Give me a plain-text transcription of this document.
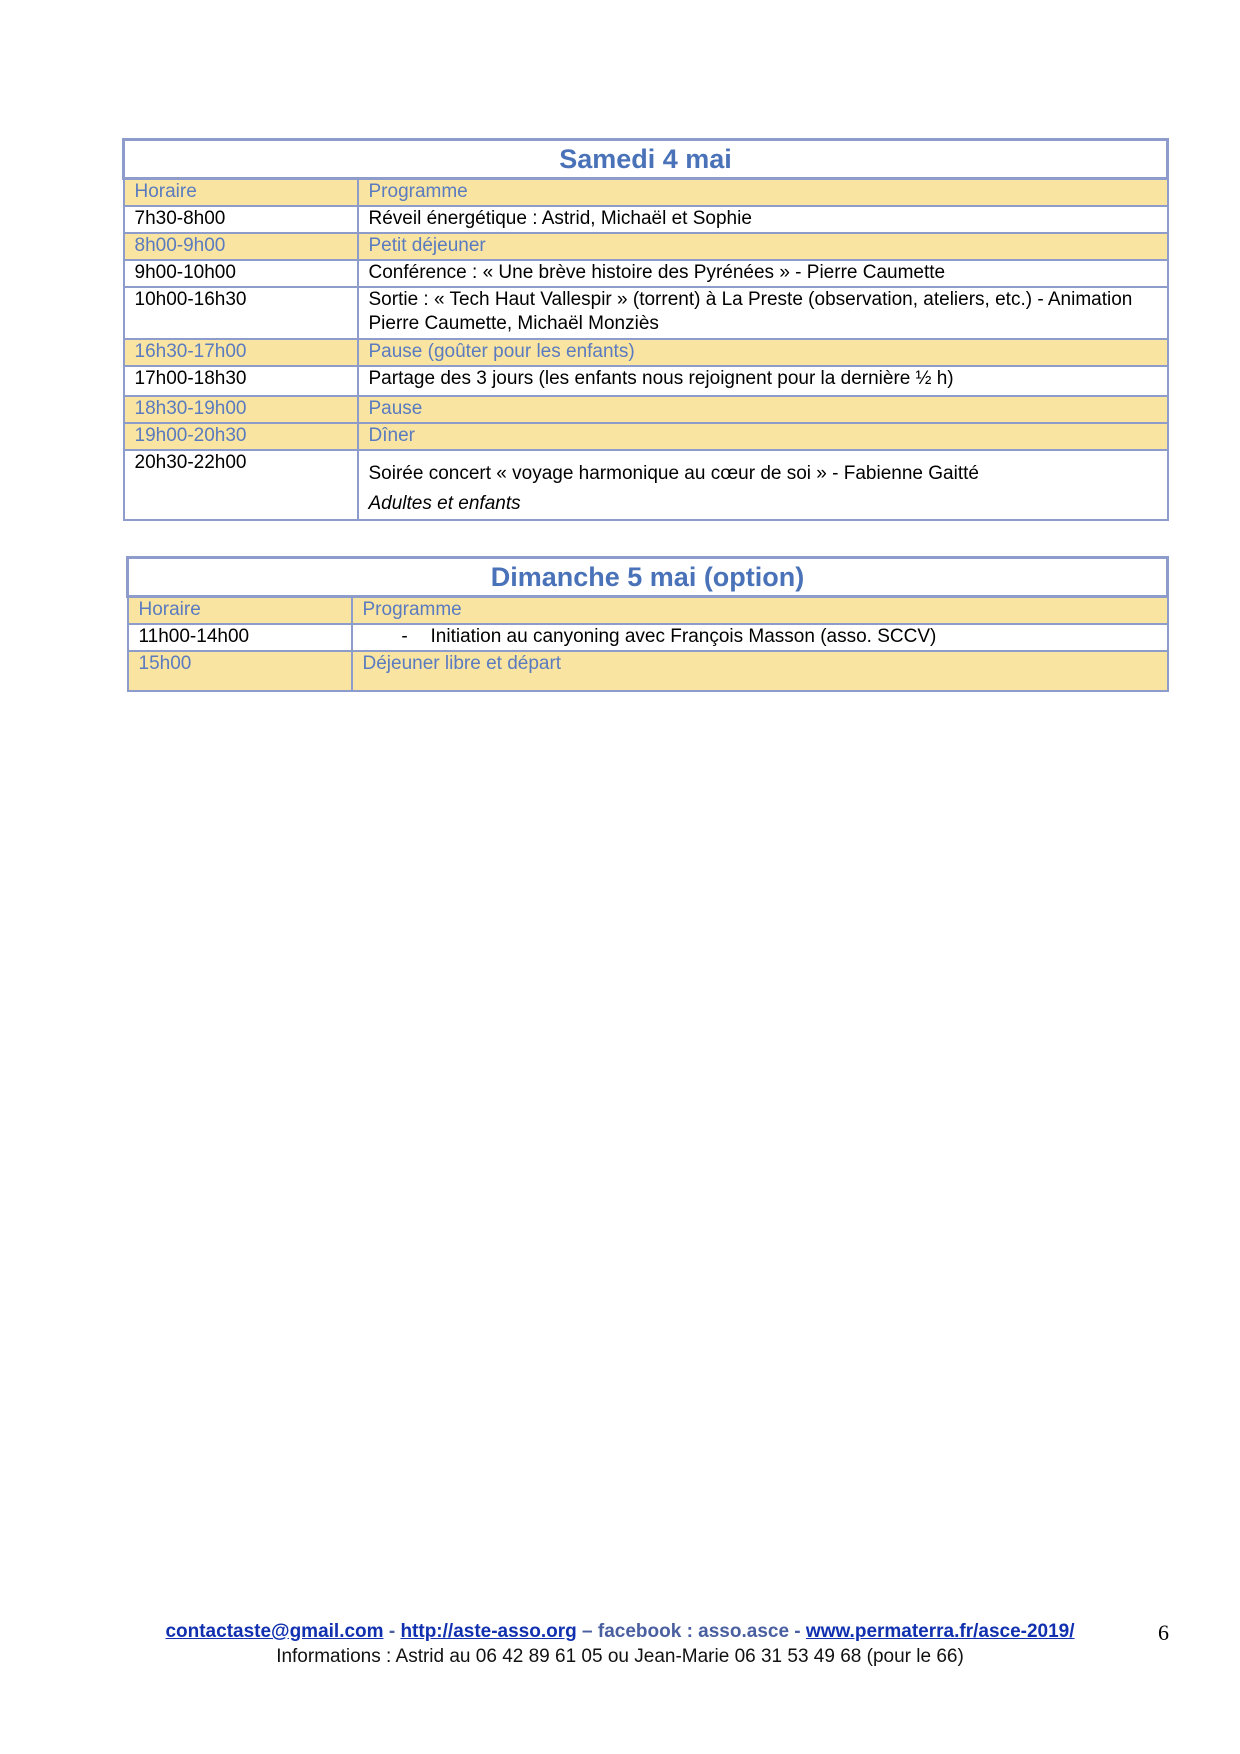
Samedi 4 mai	
Horaire	Programme
7h30-8h00	Réveil énergétique : Astrid, Michaël et Sophie
8h00-9h00	Petit déjeuner
9h00-10h00	Conférence : « Une brève histoire des Pyrénées » - Pierre Caumette
10h00-16h30	Sortie : « Tech Haut Vallespir » (torrent) à La Preste (observation, ateliers, etc.) - Animation Pierre Caumette, Michaël Monziès
16h30-17h00	Pause (goûter pour les enfants)
17h00-18h30	Partage des 3 jours (les enfants nous rejoignent pour la dernière ½ h)
18h30-19h00	Pause
19h00-20h30	Dîner
20h30-22h00	Soirée concert « voyage harmonique au cœur de soi » - Fabienne Gaitté
Adultes et enfants
Dimanche 5 mai (option)	
Horaire	Programme
11h00-14h00	- Initiation au canyoning avec François Masson (asso. SCCV)
15h00	Déjeuner libre et départ
contactaste@gmail.com - http://aste-asso.org – facebook : asso.asce - www.permaterra.fr/asce-2019/
Informations : Astrid au 06 42 89 61 05 ou Jean-Marie 06 31 53 49 68 (pour le 66)
6
